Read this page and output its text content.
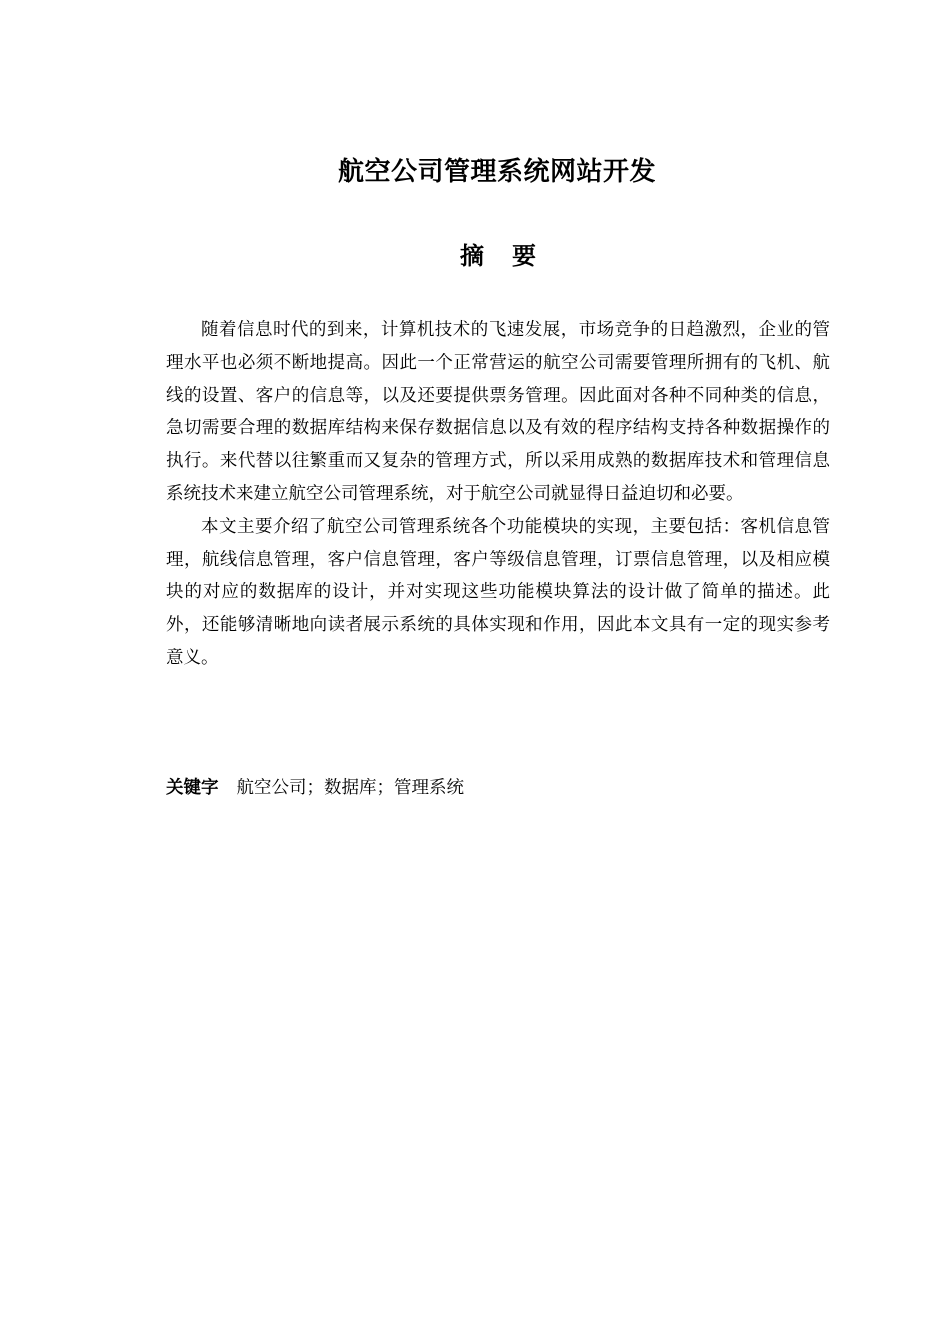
航空公司管理系统网站开发
摘要

随着信息时代的到来，计算机技术的飞速发展，市场竞争的日趋激烈，企业的管理水平也必须不断地提高。因此一个正常营运的航空公司需要管理所拥有的飞机、航线的设置、客户的信息等，以及还要提供票务管理。因此面对各种不同种类的信息，急切需要合理的数据库结构来保存数据信息以及有效的程序结构支持各种数据操作的执行。来代替以往繁重而又复杂的管理方式，所以采用成熟的数据库技术和管理信息系统技术来建立航空公司管理系统，对于航空公司就显得日益迫切和必要。

本文主要介绍了航空公司管理系统各个功能模块的实现，主要包括：客机信息管理，航线信息管理，客户信息管理，客户等级信息管理，订票信息管理，以及相应模块的对应的数据库的设计，并对实现这些功能模块算法的设计做了简单的描述。此外，还能够清晰地向读者展示系统的具体实现和作用，因此本文具有一定的现实参考意义。

关键字 航空公司；数据库；管理系统
